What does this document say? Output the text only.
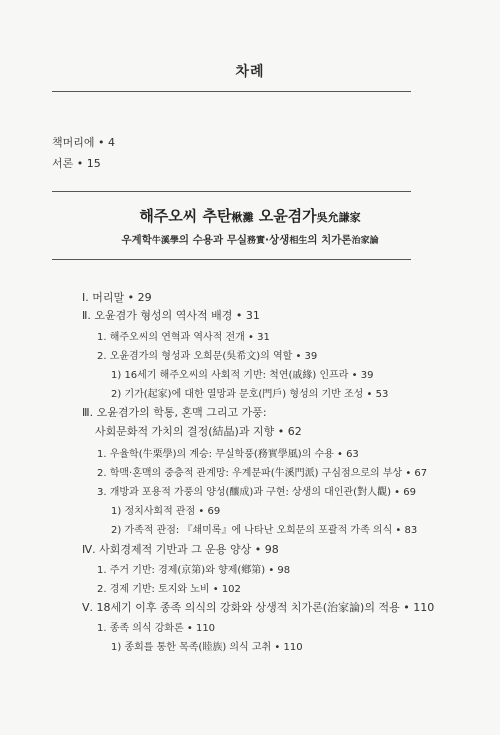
차례
책머리에 • 4
서론 • 15
해주오씨 추탄楸灘 오윤겸가吳允謙家
우계학牛溪學의 수용과 무실務實·상생相生의 치가론治家論
Ⅰ. 머리말 • 29
Ⅱ. 오윤겸가 형성의 역사적 배경 • 31
1. 해주오씨의 연혁과 역사적 전개 • 31
2. 오윤겸가의 형성과 오희문(吳希文)의 역할 • 39
1) 16세기 해주오씨의 사회적 기반: 척연(戚緣) 인프라 • 39
2) 기가(起家)에 대한 열망과 문호(門戶) 형성의 기반 조성 • 53
Ⅲ. 오윤겸가의 학통, 혼맥 그리고 가풍:
사회문화적 가치의 결정(結晶)과 지향 • 62
1. 우율학(牛栗學)의 계승: 무실학풍(務實學風)의 수용 • 63
2. 학맥·혼맥의 중층적 관계망: 우계문파(牛溪門派) 구심점으로의 부상 • 67
3. 개방과 포용적 가풍의 양성(釀成)과 구현: 상생의 대인관(對人觀) • 69
1) 정치사회적 관점 • 69
2) 가족적 관점: 『쇄미록』에 나타난 오희문의 포괄적 가족 의식 • 83
Ⅳ. 사회경제적 기반과 그 운용 양상 • 98
1. 주거 기반: 경제(京第)와 향제(鄕第) • 98
2. 경제 기반: 토지와 노비 • 102
Ⅴ. 18세기 이후 종족 의식의 강화와 상생적 치가론(治家論)의 적용 • 110
1. 종족 의식 강화론 • 110
1) 종회를 통한 목족(睦族) 의식 고취 • 110
